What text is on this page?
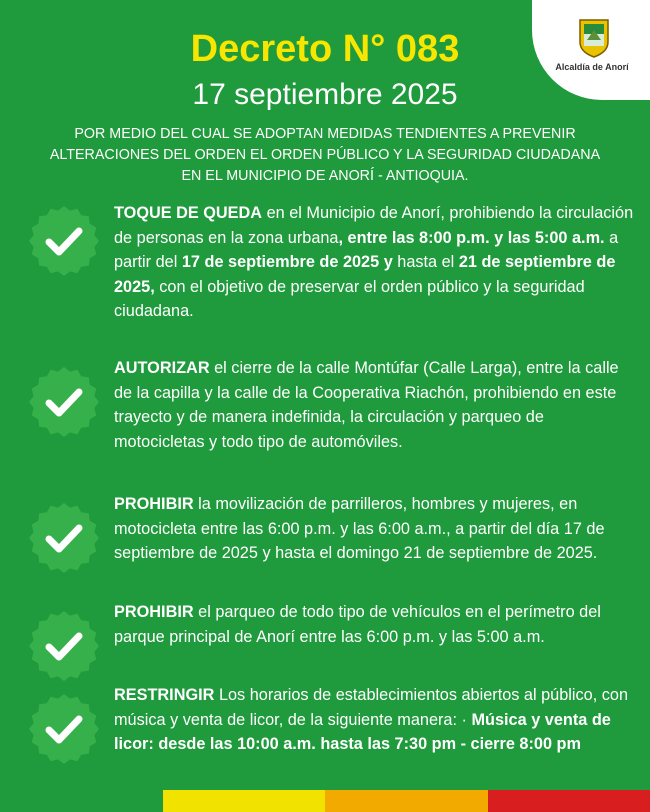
Alcaldía de Anorí
Decreto N° 083
17 septiembre 2025
POR MEDIO DEL CUAL SE ADOPTAN MEDIDAS TENDIENTES A PREVENIR ALTERACIONES DEL ORDEN EL ORDEN PÚBLICO Y LA SEGURIDAD CIUDADANA EN EL MUNICIPIO DE ANORÍ - ANTIOQUIA.
TOQUE DE QUEDA en el Municipio de Anorí, prohibiendo la circulación de personas en la zona urbana, entre las 8:00 p.m. y las 5:00 a.m. a partir del 17 de septiembre de 2025 y hasta el 21 de septiembre de 2025, con el objetivo de preservar el orden público y la seguridad ciudadana.
AUTORIZAR el cierre de la calle Montúfar (Calle Larga), entre la calle de la capilla y la calle de la Cooperativa Riachón, prohibiendo en este trayecto y de manera indefinida, la circulación y parqueo de motocicletas y todo tipo de automóviles.
PROHIBIR la movilización de parrilleros, hombres y mujeres, en motocicleta entre las 6:00 p.m. y las 6:00 a.m., a partir del día 17 de septiembre de 2025 y hasta el domingo 21 de septiembre de 2025.
PROHIBIR el parqueo de todo tipo de vehículos en el perímetro del parque principal de Anorí entre las 6:00 p.m. y las 5:00 a.m.
RESTRINGIR Los horarios de establecimientos abiertos al público, con música y venta de licor, de la siguiente manera: · Música y venta de licor: desde las 10:00 a.m. hasta las 7:30 pm - cierre 8:00 pm
